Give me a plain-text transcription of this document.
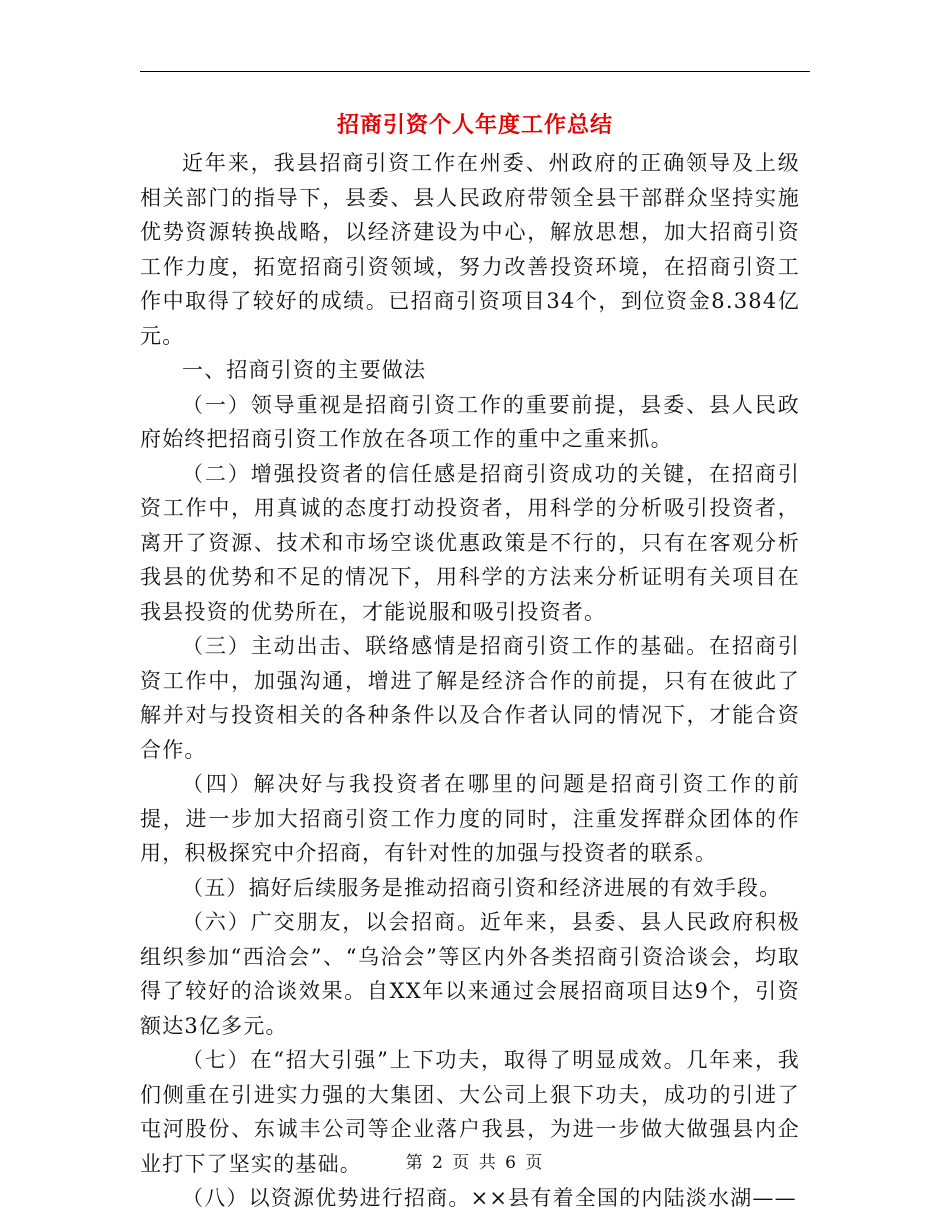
招商引资个人年度工作总结

近年来，我县招商引资工作在州委、州政府的正确领导及上级相关部门的指导下，县委、县人民政府带领全县干部群众坚持实施优势资源转换战略，以经济建设为中心，解放思想，加大招商引资工作力度，拓宽招商引资领域，努力改善投资环境，在招商引资工作中取得了较好的成绩。已招商引资项目34个，到位资金8.384亿元。

一、招商引资的主要做法

（一）领导重视是招商引资工作的重要前提，县委、县人民政府始终把招商引资工作放在各项工作的重中之重来抓。

（二）增强投资者的信任感是招商引资成功的关键，在招商引资工作中，用真诚的态度打动投资者，用科学的分析吸引投资者，离开了资源、技术和市场空谈优惠政策是不行的，只有在客观分析我县的优势和不足的情况下，用科学的方法来分析证明有关项目在我县投资的优势所在，才能说服和吸引投资者。

（三）主动出击、联络感情是招商引资工作的基础。在招商引资工作中，加强沟通，增进了解是经济合作的前提，只有在彼此了解并对与投资相关的各种条件以及合作者认同的情况下，才能合资合作。

（四）解决好与我投资者在哪里的问题是招商引资工作的前提，进一步加大招商引资工作力度的同时，注重发挥群众团体的作用，积极探究中介招商，有针对性的加强与投资者的联系。

（五）搞好后续服务是推动招商引资和经济进展的有效手段。

（六）广交朋友，以会招商。近年来，县委、县人民政府积极组织参加“西洽会”、“乌洽会”等区内外各类招商引资洽谈会，均取得了较好的洽谈效果。自XX年以来通过会展招商项目达9个，引资额达3亿多元。

（七）在“招大引强”上下功夫，取得了明显成效。几年来，我们侧重在引进实力强的大集团、大公司上狠下功夫，成功的引进了屯河股份、东诚丰公司等企业落户我县，为进一步做大做强县内企业打下了坚实的基础。

（八）以资源优势进行招商。××县有着全国的内陆淡水湖——

第 2 页 共 6 页
